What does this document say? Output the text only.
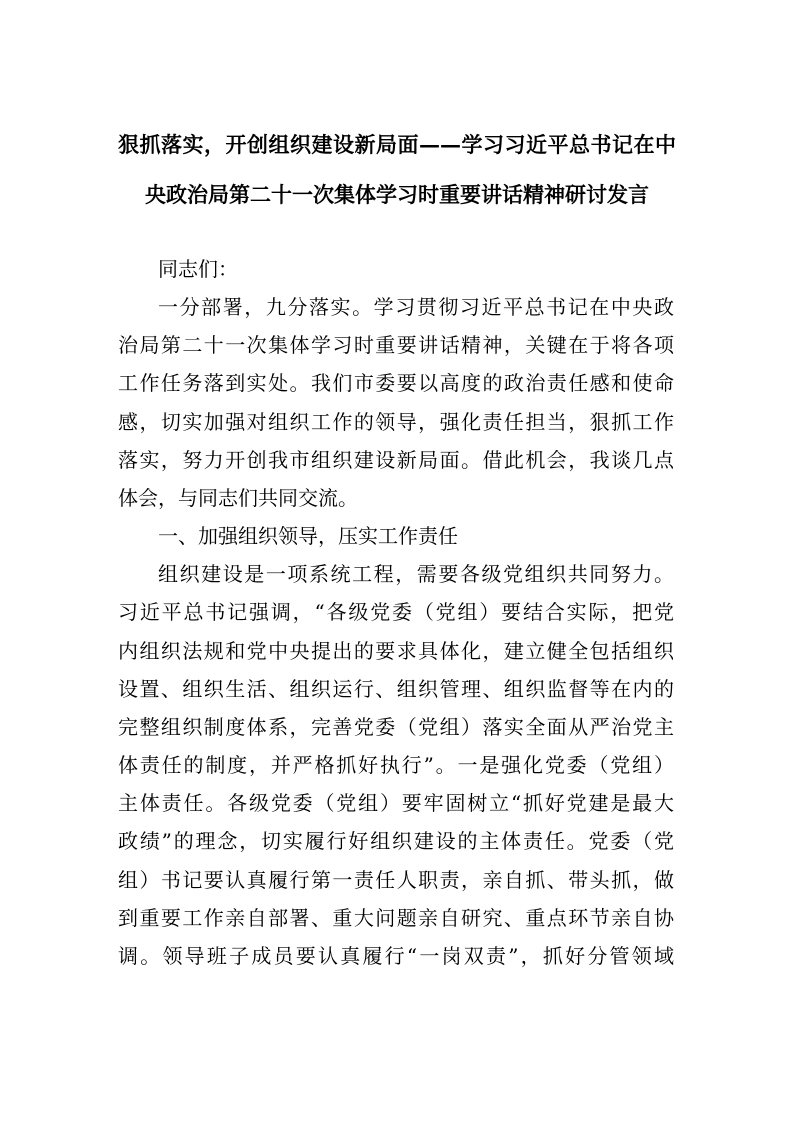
狠抓落实，开创组织建设新局面——学习习近平总书记在中
央政治局第二十一次集体学习时重要讲话精神研讨发言
同志们：
一分部署，九分落实。学习贯彻习近平总书记在中央政
治局第二十一次集体学习时重要讲话精神，关键在于将各项
工作任务落到实处。我们市委要以高度的政治责任感和使命
感，切实加强对组织工作的领导，强化责任担当，狠抓工作
落实，努力开创我市组织建设新局面。借此机会，我谈几点
体会，与同志们共同交流。
一、加强组织领导，压实工作责任
组织建设是一项系统工程，需要各级党组织共同努力。
习近平总书记强调，“各级党委（党组）要结合实际，把党
内组织法规和党中央提出的要求具体化，建立健全包括组织
设置、组织生活、组织运行、组织管理、组织监督等在内的
完整组织制度体系，完善党委（党组）落实全面从严治党主
体责任的制度，并严格抓好执行”。一是强化党委（党组）
主体责任。各级党委（党组）要牢固树立“抓好党建是最大
政绩”的理念，切实履行好组织建设的主体责任。党委（党
组）书记要认真履行第一责任人职责，亲自抓、带头抓，做
到重要工作亲自部署、重大问题亲自研究、重点环节亲自协
调。领导班子成员要认真履行“一岗双责”，抓好分管领域
